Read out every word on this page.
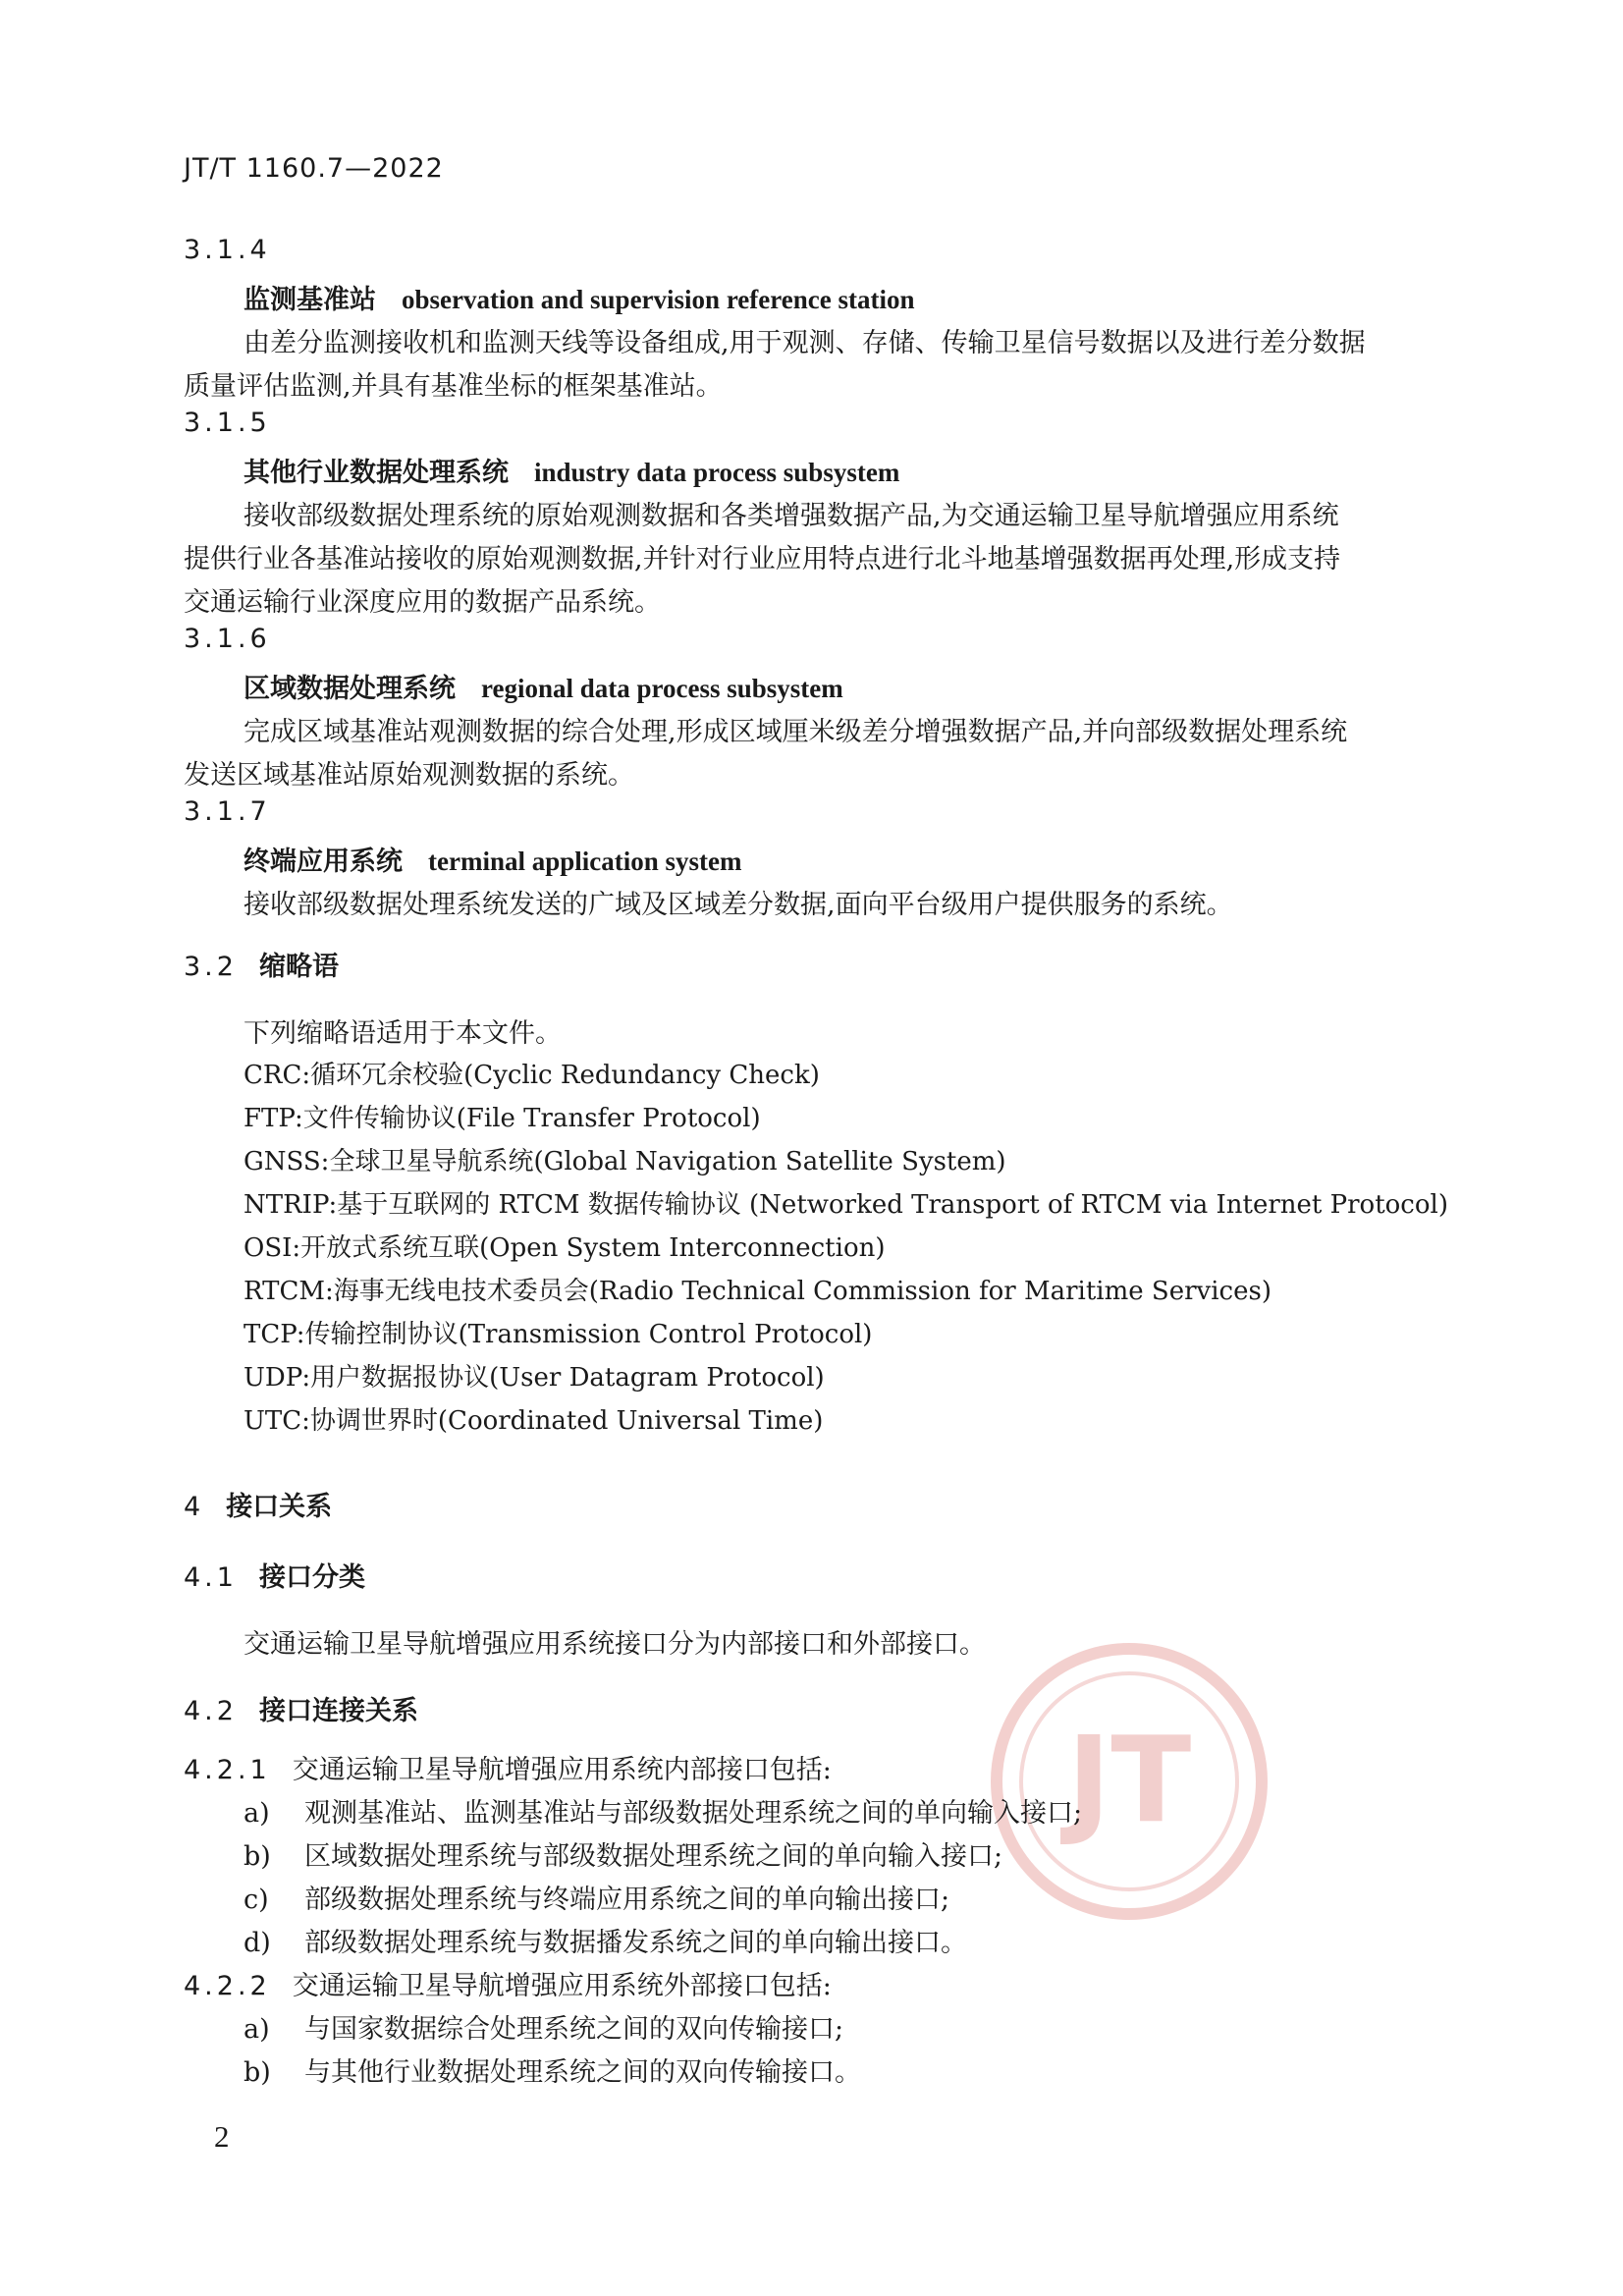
JT/T 1160.7—2022
3.1.4
监测基准站 observation and supervision reference station
由差分监测接收机和监测天线等设备组成,用于观测、存储、传输卫星信号数据以及进行差分数据
质量评估监测,并具有基准坐标的框架基准站。
3.1.5
其他行业数据处理系统 industry data process subsystem
接收部级数据处理系统的原始观测数据和各类增强数据产品,为交通运输卫星导航增强应用系统
提供行业各基准站接收的原始观测数据,并针对行业应用特点进行北斗地基增强数据再处理,形成支持
交通运输行业深度应用的数据产品系统。
3.1.6
区域数据处理系统 regional data process subsystem
完成区域基准站观测数据的综合处理,形成区域厘米级差分增强数据产品,并向部级数据处理系统
发送区域基准站原始观测数据的系统。
3.1.7
终端应用系统 terminal application system
接收部级数据处理系统发送的广域及区域差分数据,面向平台级用户提供服务的系统。
3.2 缩略语
下列缩略语适用于本文件。
CRC:循环冗余校验(Cyclic Redundancy Check)
FTP:文件传输协议(File Transfer Protocol)
GNSS:全球卫星导航系统(Global Navigation Satellite System)
NTRIP:基于互联网的 RTCM 数据传输协议 (Networked Transport of RTCM via Internet Protocol)
OSI:开放式系统互联(Open System Interconnection)
RTCM:海事无线电技术委员会(Radio Technical Commission for Maritime Services)
TCP:传输控制协议(Transmission Control Protocol)
UDP:用户数据报协议(User Datagram Protocol)
UTC:协调世界时(Coordinated Universal Time)
4 接口关系
4.1 接口分类
交通运输卫星导航增强应用系统接口分为内部接口和外部接口。
4.2 接口连接关系
JT
4.2.1 交通运输卫星导航增强应用系统内部接口包括:
a) 观测基准站、监测基准站与部级数据处理系统之间的单向输入接口;
b) 区域数据处理系统与部级数据处理系统之间的单向输入接口;
c) 部级数据处理系统与终端应用系统之间的单向输出接口;
d) 部级数据处理系统与数据播发系统之间的单向输出接口。
4.2.2 交通运输卫星导航增强应用系统外部接口包括:
a) 与国家数据综合处理系统之间的双向传输接口;
b) 与其他行业数据处理系统之间的双向传输接口。
2
